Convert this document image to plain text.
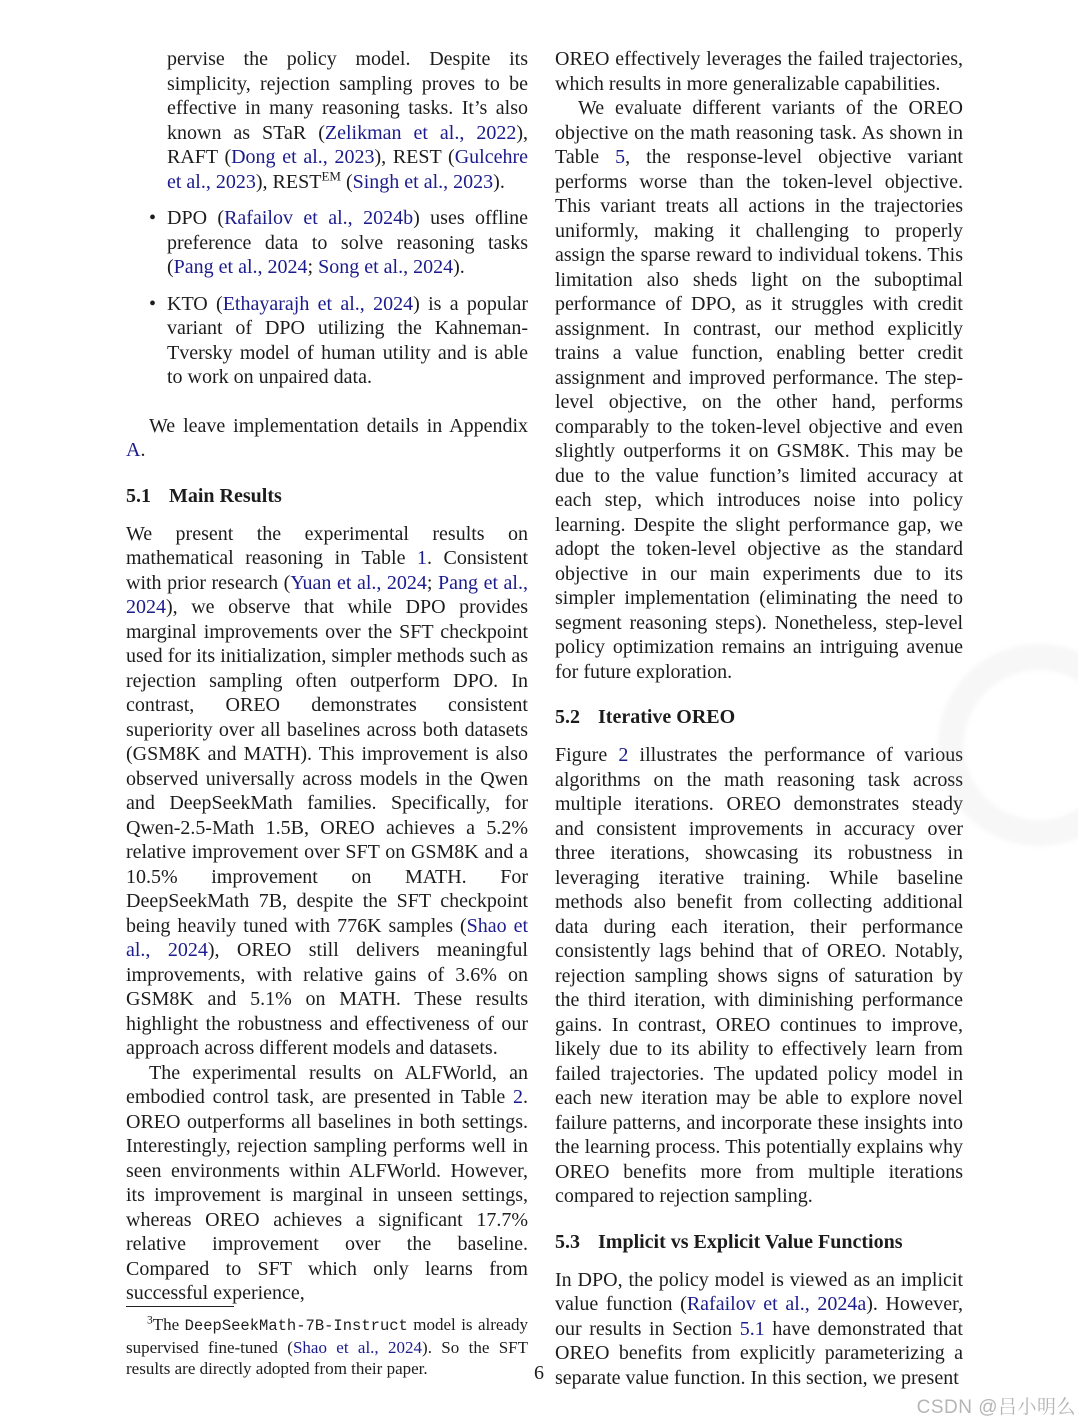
pervise the policy model. Despite its simplicity, rejection sampling proves to be effective in many reasoning tasks. It’s also known as STaR (Zelikman et al., 2022), RAFT (Dong et al., 2023), REST (Gulcehre et al., 2023), $REST^{EM}$ (Singh et al., 2023).
• DPO (Rafailov et al., 2024b) uses offline preference data to solve reasoning tasks (Pang et al., 2024; Song et al., 2024).
• KTO (Ethayarajh et al., 2024) is a popular variant of DPO utilizing the Kahneman-Tversky model of human utility and is able to work on unpaired data.

We leave implementation details in Appendix A.

5.1 Main Results

We present the experimental results on mathematical reasoning in Table 1. Consistent with prior research (Yuan et al., 2024; Pang et al., 2024), we observe that while DPO provides marginal improvements over the SFT checkpoint used for its initialization, simpler methods such as rejection sampling often outperform DPO. In contrast, OREO demonstrates consistent superiority over all baselines across both datasets (GSM8K and MATH). This improvement is also observed universally across models in the Qwen and DeepSeekMath families. Specifically, for Qwen-2.5-Math 1.5B, OREO achieves a 5.2% relative improvement over SFT on GSM8K and a 10.5% improvement on MATH. For DeepSeekMath 7B, despite the SFT checkpoint being heavily tuned with 776K samples (Shao et al., 2024), OREO still delivers meaningful improvements, with relative gains of 3.6% on GSM8K and 5.1% on MATH. These results highlight the robustness and effectiveness of our approach across different models and datasets.

The experimental results on ALFWorld, an embodied control task, are presented in Table 2. OREO outperforms all baselines in both settings. Interestingly, rejection sampling performs well in seen environments within ALFWorld. However, its improvement is marginal in unseen settings, whereas OREO achieves a significant 17.7% relative improvement over the baseline. Compared to SFT which only learns from successful experience,

$^3$The DeepSeekMath-7B-Instruct model is already supervised fine-tuned (Shao et al., 2024). So the SFT results are directly adopted from their paper.

OREO effectively leverages the failed trajectories, which results in more generalizable capabilities.

We evaluate different variants of the OREO objective on the math reasoning task. As shown in Table 5, the response-level objective variant performs worse than the token-level objective. This variant treats all actions in the trajectories uniformly, making it challenging to properly assign the sparse reward to individual tokens. This limitation also sheds light on the suboptimal performance of DPO, as it struggles with credit assignment. In contrast, our method explicitly trains a value function, enabling better credit assignment and improved performance. The step-level objective, on the other hand, performs comparably to the token-level objective and even slightly outperforms it on GSM8K. This may be due to the value function’s limited accuracy at each step, which introduces noise into policy learning. Despite the slight performance gap, we adopt the token-level objective as the standard objective in our main experiments due to its simpler implementation (eliminating the need to segment reasoning steps). Nonetheless, step-level policy optimization remains an intriguing avenue for future exploration.

5.2 Iterative OREO

Figure 2 illustrates the performance of various algorithms on the math reasoning task across multiple iterations. OREO demonstrates steady and consistent improvements in accuracy over three iterations, showcasing its robustness in leveraging iterative training. While baseline methods also benefit from collecting additional data during each iteration, their performance consistently lags behind that of OREO. Notably, rejection sampling shows signs of saturation by the third iteration, with diminishing performance gains. In contrast, OREO continues to improve, likely due to its ability to effectively learn from failed trajectories. The updated policy model in each new iteration may be able to explore novel failure patterns, and incorporate these insights into the learning process. This potentially explains why OREO benefits more from multiple iterations compared to rejection sampling.

5.3 Implicit vs Explicit Value Functions

In DPO, the policy model is viewed as an implicit value function (Rafailov et al., 2024a). However, our results in Section 5.1 have demonstrated that OREO benefits from explicitly parameterizing a separate value function. In this section, we present

6
CSDN @吕小明么
